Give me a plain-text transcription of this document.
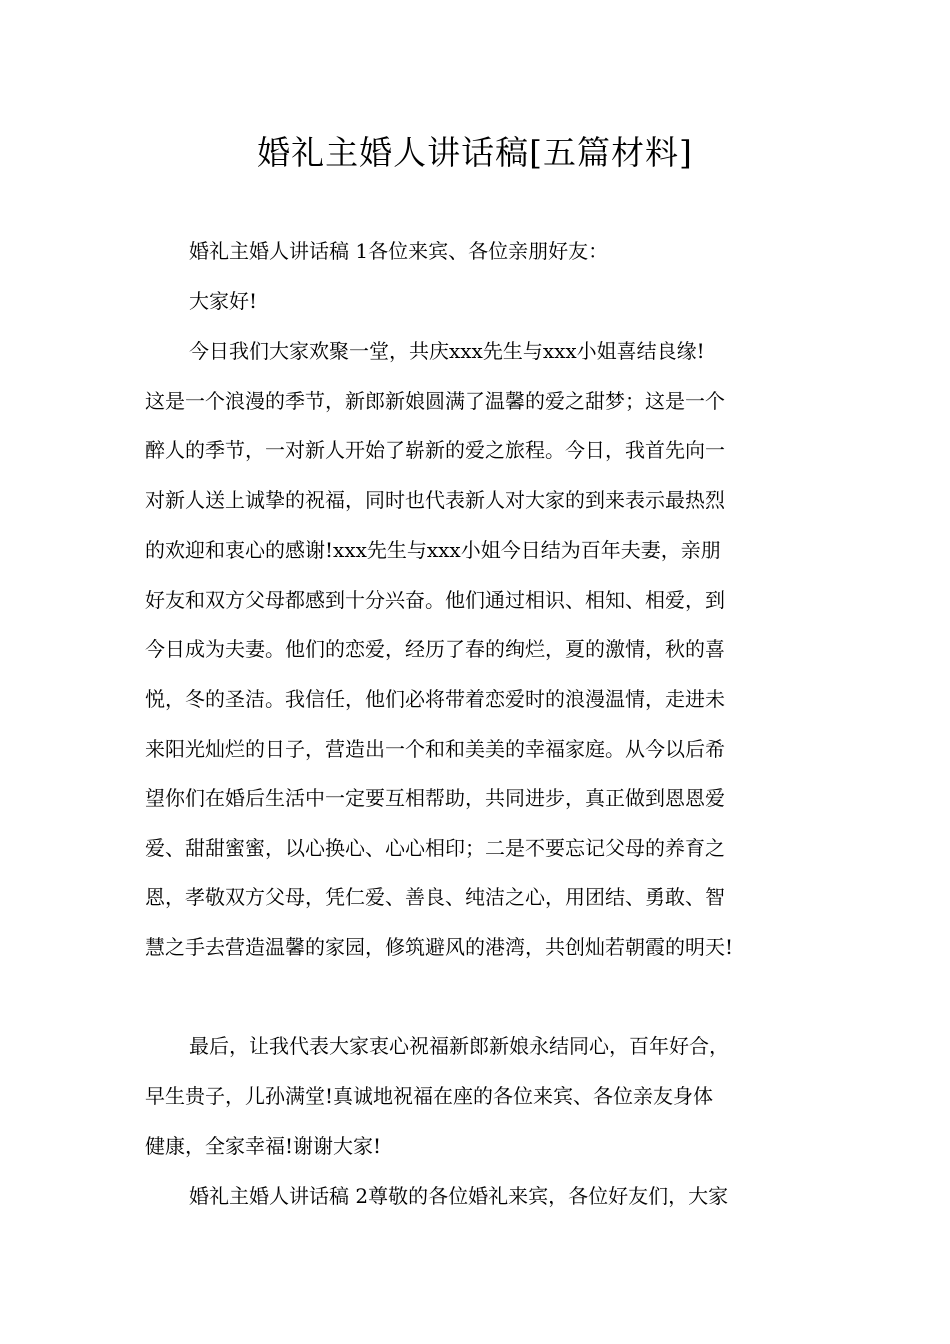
婚礼主婚人讲话稿[五篇材料]
婚礼主婚人讲话稿 1各位来宾、各位亲朋好友：
大家好!
今日我们大家欢聚一堂，共庆xxx先生与xxx小姐喜结良缘!
这是一个浪漫的季节，新郎新娘圆满了温馨的爱之甜梦；这是一个
醉人的季节，一对新人开始了崭新的爱之旅程。今日，我首先向一
对新人送上诚挚的祝福，同时也代表新人对大家的到来表示最热烈
的欢迎和衷心的感谢!xxx先生与xxx小姐今日结为百年夫妻，亲朋
好友和双方父母都感到十分兴奋。他们通过相识、相知、相爱，到
今日成为夫妻。他们的恋爱，经历了春的绚烂，夏的激情，秋的喜
悦，冬的圣洁。我信任，他们必将带着恋爱时的浪漫温情，走进未
来阳光灿烂的日子，营造出一个和和美美的幸福家庭。从今以后希
望你们在婚后生活中一定要互相帮助，共同进步，真正做到恩恩爱
爱、甜甜蜜蜜，以心换心、心心相印；二是不要忘记父母的养育之
恩，孝敬双方父母，凭仁爱、善良、纯洁之心，用团结、勇敢、智
慧之手去营造温馨的家园，修筑避风的港湾，共创灿若朝霞的明天!
最后，让我代表大家衷心祝福新郎新娘永结同心，百年好合，
早生贵子，儿孙满堂!真诚地祝福在座的各位来宾、各位亲友身体
健康，全家幸福!谢谢大家!
婚礼主婚人讲话稿 2尊敬的各位婚礼来宾，各位好友们，大家
